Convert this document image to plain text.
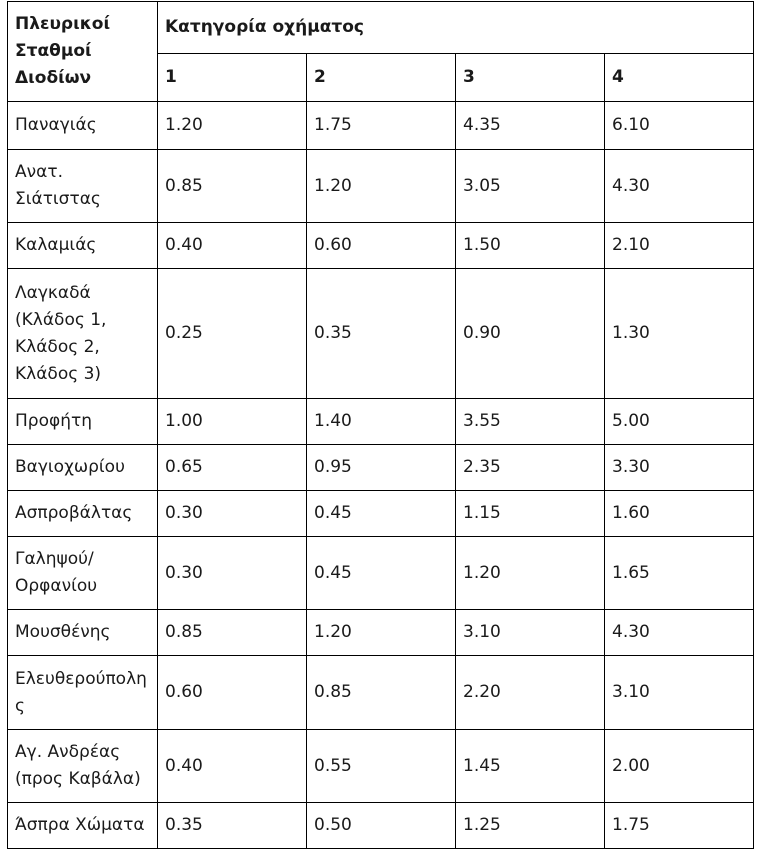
Πλευρικοί Σταθμοί Διοδίων	Κατηγορία οχήματος			
	1	2	3	4
Παναγιάς	1.20	1.75	4.35	6.10
Ανατ. Σιάτιστας	0.85	1.20	3.05	4.30
Καλαμιάς	0.40	0.60	1.50	2.10
Λαγκαδά (Κλάδος 1, Κλάδος 2, Κλάδος 3)	0.25	0.35	0.90	1.30
Προφήτη	1.00	1.40	3.55	5.00
Βαγιοχωρίου	0.65	0.95	2.35	3.30
Ασπροβάλτας	0.30	0.45	1.15	1.60
Γαληψού/Ορφανίου	0.30	0.45	1.20	1.65
Μουσθένης	0.85	1.20	3.10	4.30
Ελευθερούπολης	0.60	0.85	2.20	3.10
Αγ. Ανδρέας (προς Καβάλα)	0.40	0.55	1.45	2.00
Άσπρα Χώματα	0.35	0.50	1.25	1.75
